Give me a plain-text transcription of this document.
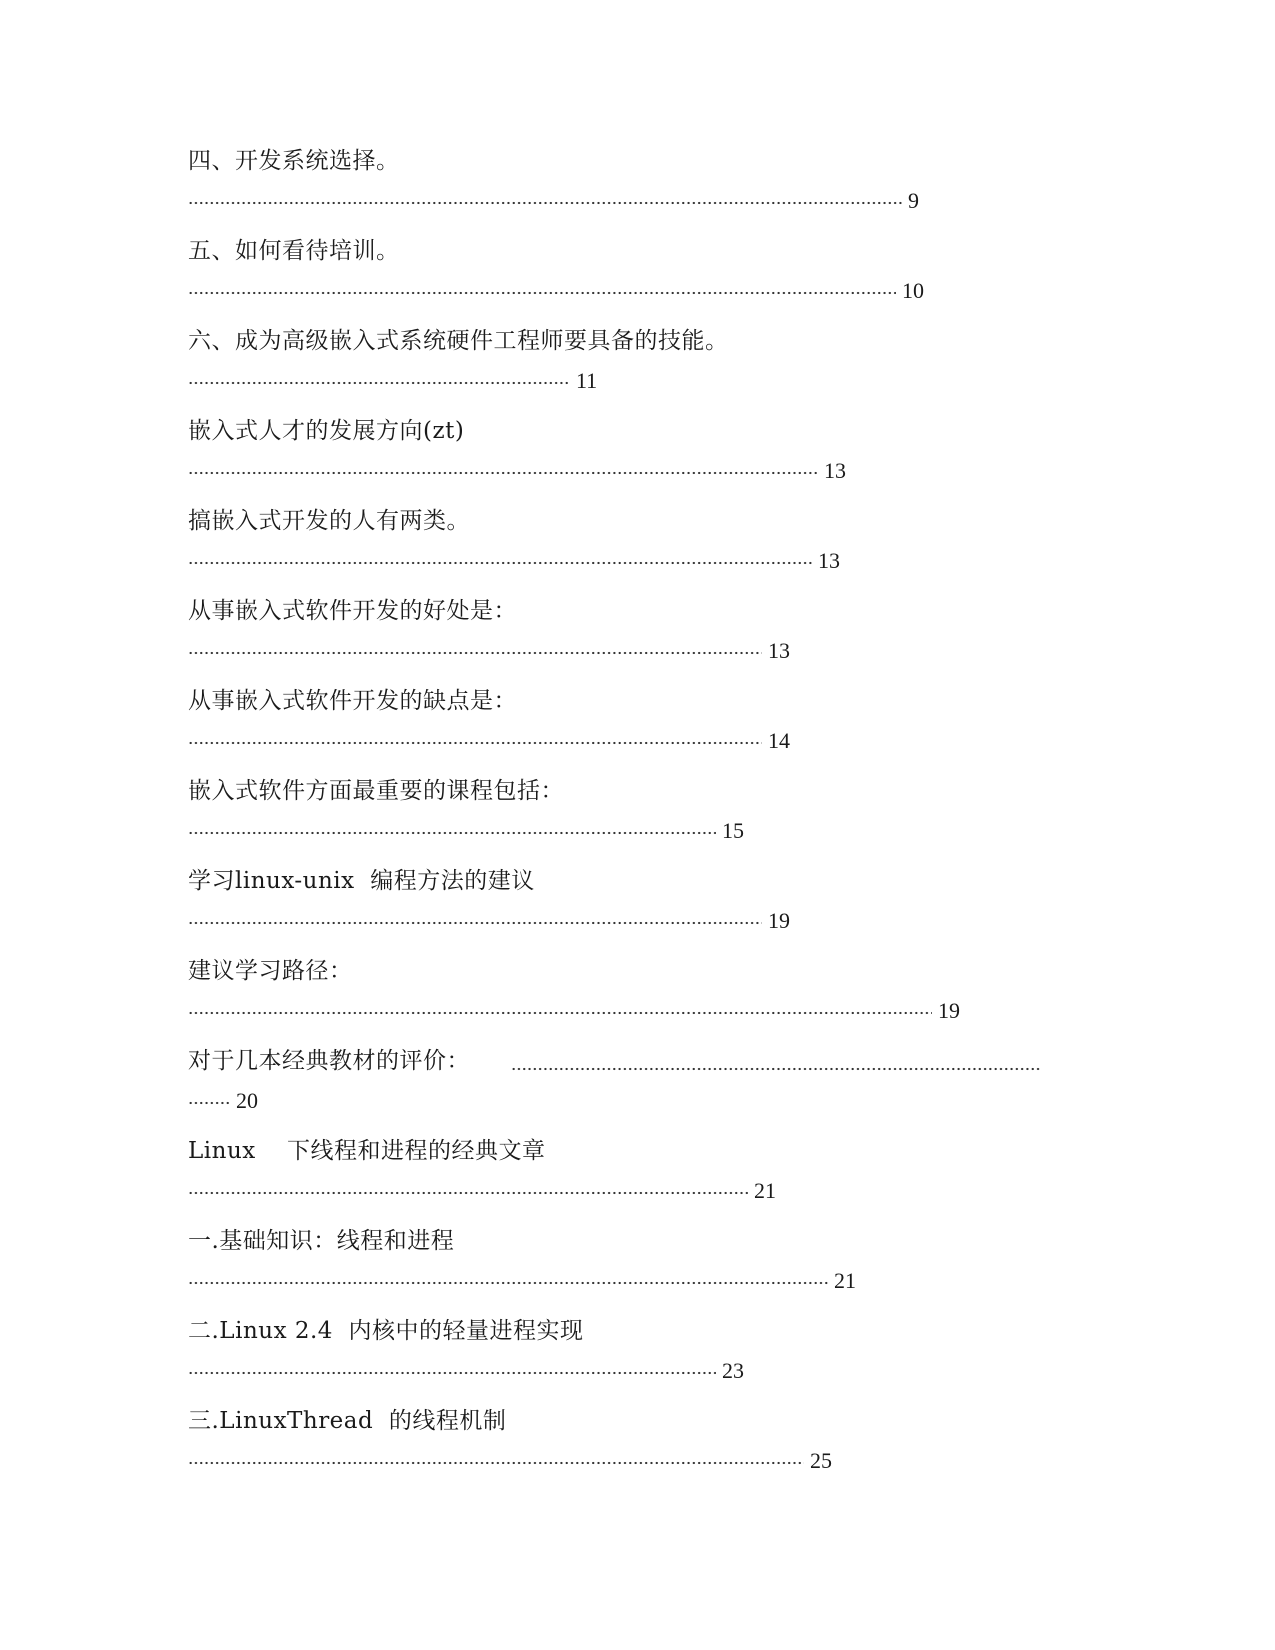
四、开发系统选择。
9
五、如何看待培训。
10
六、成为高级嵌入式系统硬件工程师要具备的技能。
11
嵌入式人才的发展方向(zt)
13
搞嵌入式开发的人有两类。
13
从事嵌入式软件开发的好处是：
13
从事嵌入式软件开发的缺点是：
14
嵌入式软件方面最重要的课程包括：
15
学习linux-unix  编程方法的建议
19
建议学习路径：
19
对于几本经典教材的评价：
20
Linux    下线程和进程的经典文章
21
一.基础知识：线程和进程
21
二.Linux 2.4  内核中的轻量进程实现
23
三.LinuxThread  的线程机制
25
